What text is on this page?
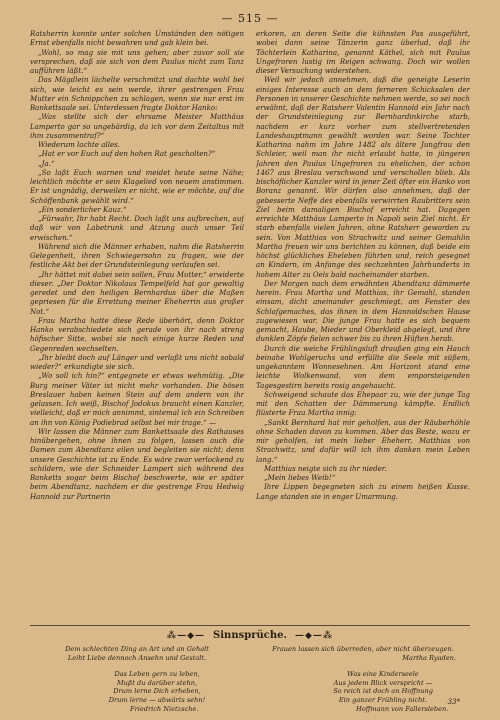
— 515 —

Ratsherrin konnte unter solchen Umständen den nötigen Ernst ebenfalls nicht bewahren und gab klein bei.

„Wohl, so mag sie mit uns gehen; aber zuvor soll sie versprechen, daß sie sich von dem Paulus nicht zum Tanz aufführen läßt.“

Das Mägdlein lächelte verschmitzt und dachte wohl bei sich, wie leicht es sein werde, ihrer gestrengen Frau Mutter ein Schnippchen zu schlagen, wenn sie nur erst im Bankettsaale sei. Unterdessen fragte Doktor Hanko:

„Was stellte sich der ehrsame Meister Matthäus Lamperto gar so ungebärdig, da ich vor dem Zeitaltus mit ihm zusammentraf?“

Wiederum lachte alles.

„Hat er vor Euch auf den hohen Rat gescholten?“

„Ja.“

„So laßt Euch warnen und meidet heute seine Nähe; leichtlich möchte er sein Klagelied von neuem anstimmen. Er ist ungnädig, derweilen er nicht, wie er möchte, auf die Schöffenbank gewählt wird.“

„Ein sonderlicher Kauz.“

„Fürwahr, Ihr habt Recht. Doch laßt uns aufbrechen, auf daß wir von Labetrunk und Atzung auch unser Teil erwischen.“

Während sich die Männer erhaben, nahm die Ratsherrin Gelegenheit, ihren Schwiegersohn zu fragen, wie der festliche Akt bei der Grundsteinlegung verlaufen sei.

„Ihr hättet mit dabei sein sollen, Frau Mutter,“ erwiderte dieser. „Der Doktor Nikolaus Tempelfeld hat gar gewaltig geredet und den heiligen Bernhardus über die Maßen gepriesen für die Errettung meiner Eheherrin aus großer Not.“

Frau Martha hatte diese Rede überhört, denn Doktor Hanko verabschiedete sich gerade von ihr nach streng höfischer Sitte, wobei sie noch einige kurze Reden und Gegenreden wechselten.

„Ihr bleibt doch auf Länger und verlaßt uns nicht sobald wieder?“ erkundigte sie sich.

„Wo soll ich hin?“ entgegnete er etwas wehmütig. „Die Burg meiner Väter ist nicht mehr vorhanden. Die bösen Breslauer haben keinen Stein auf dem andern von ihr gelassen. Ich weiß, Bischof Jodokus braucht einen Kanzler, vielleicht, daß er mich annimmt, sintemal ich ein Schreiben an ihn von König Podiebrad selbst bei mir trage.“ —

Wir lassen die Männer zum Bankettsaale des Rathauses hinübergehen, ohne ihnen zu folgen, lassen auch die Damen zum Abendtanz eilen und begleiten sie nicht; denn unsere Geschichte ist zu Ende. Es wäre zwar verlockend zu schildern, wie der Schneider Lampert sich während des Banketts sogar beim Bischof beschwerte, wie er später beim Abendtanz, nachdem er die gestrenge Frau Hedwig Hannold zur Partnerin

erkoren, an deren Seite die kühnsten Pas ausgeführt, wobei dann seine Tänzerin ganz überlud, daß ihr Töchterlein Katharina, genannt Käthel, sich mit Paulus Ungefroren lustig im Reigen schwang. Doch wir wollen dieser Versuchung widerstehen.

Weil wir jedoch annehmen, daß die geneigte Leserin einiges Interesse auch an dem ferneren Schicksalen der Personen in unserer Geschichte nehmen werde, so sei noch erwähnt, daß der Ratsherr Valentin Hannold ein Jahr nach der Grundsteinlegung zur Bernhardinkirche starb, nachdem er kurz vorher zum stellvertretenden Landeshauptmann gewählt worden war. Seine Tochter Katharina nahm im Jahre 1482 als ältere Jungfrau den Schleier, weil man ihr nicht erlaubt hatte, in jüngeren Jahren den Paulus Ungefroren zu ehelichen, der schon 1467 aus Breslau verschwand und verschollen blieb. Als bischöflicher Kanzler wird in jener Zeit öfter ein Hanko von Boranz genannt. Wir dürfen also annehmen, daß der gebesserte Neffe des ebenfalls verwirrten Raubritters sein Ziel beim damaligen Bischof erreicht hat. Dagegen erreichte Matthäus Lamperto in Napoli sein Ziel nicht. Er starb ebenfalls vielen Jahren, ohne Ratsherr geworden zu sein. Von Matthias von Strachwitz und seiner Gemahlin Martha freuen wir uns berichten zu können, daß beide ein höchst glückliches Eheleben führten und, reich gesegnet an Kindern, im Anfange des sechzehnten Jahrhunderts in hohem Alter zu Oels bald nacheinander starben.

Der Morgen nach dem erwähnten Abendtanz dämmerte herein. Frau Martha und Matthias, ihr Gemahl, standen einsam, dicht aneinander geschmiegt, am Fenster des Schlafgemaches, das ihnen in dem Hannoldschen Hause zugewiesen war. Die junge Frau hatte es sich bequem gemacht, Haube, Mieder und Oberkleid abgelegt, und ihre dunklen Zöpfe fielen schwer bis zu ihren Hüften herab.

Durch die weiche Frühlingsluft draußen ging ein Hauch beinahe Wohlgeruchs und erfüllte die Seele mit süßem, ungekanntem Wonnesehnen. Am Horizont stand eine leichte Wolkenwand, von dem emporsteigenden Tagesgestirn bereits rosig angehaucht.

Schweigend schaute das Ehepaar zu, wie der junge Tag mit den Schatten der Dämmerung kämpfte. Endlich flüsterte Frau Martha innig:

„Sankt Bernhard hat mir geholfen, aus der Räuberhöhle ohne Schaden davon zu kommen. Aber das Beste, wozu er mir geholfen, ist mein lieber Eheherr, Matthias von Strachwitz, und dafür will ich ihm danken mein Leben lang.“

Matthias neigte sich zu ihr nieder.

„Mein liebes Weib!“

Ihre Lippen begegneten sich zu einem heißen Kusse. Lange standen sie in enger Umarmung.

⁂—◆— Sinnsprüche. —◆—⁂
Dem schlechten Ding an Art und an Gehalt
Leiht Liebe dennoch Ansehn und Gestalt.
Frauen lassen sich überreden, aber nicht überzeugen.
Martha Ryaden.
Das Leben gern zu leben,
Mußt du darüber stehn,
Drum lerne Dich erheben,
Drum lerne — abwärts sehn!
Friedrich Nietzsche.
Was eine Kinderseele
Aus jedem Blick verspricht —
So reich ist doch an Hoffnung
Ein ganzer Frühling nicht.
Hoffmann von Fallersleben.
33*
